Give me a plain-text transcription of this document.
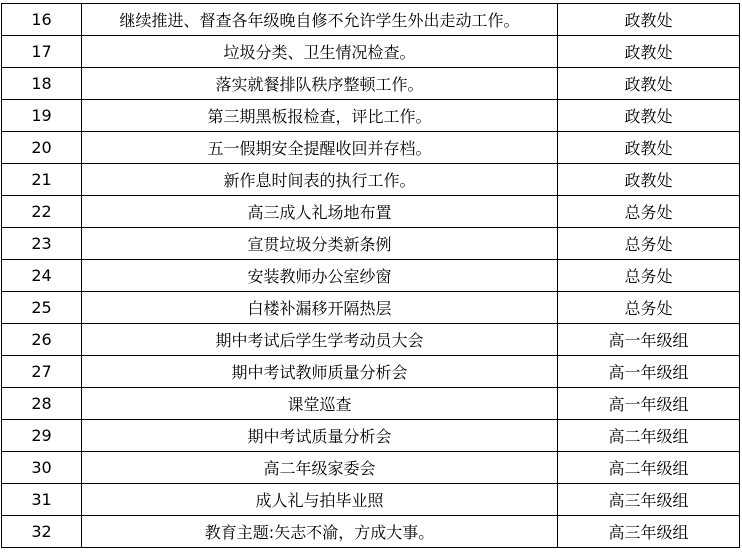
16	继续推进、督查各年级晚自修不允许学生外出走动工作。	政教处
17	垃圾分类、卫生情况检查。	政教处
18	落实就餐排队秩序整顿工作。	政教处
19	第三期黑板报检查，评比工作。	政教处
20	五一假期安全提醒收回并存档。	政教处
21	新作息时间表的执行工作。	政教处
22	高三成人礼场地布置	总务处
23	宣贯垃圾分类新条例	总务处
24	安装教师办公室纱窗	总务处
25	白楼补漏移开隔热层	总务处
26	期中考试后学生学考动员大会	高一年级组
27	期中考试教师质量分析会	高一年级组
28	课堂巡查	高一年级组
29	期中考试质量分析会	高二年级组
30	高二年级家委会	高二年级组
31	成人礼与拍毕业照	高三年级组
32	教育主题:矢志不渝，方成大事。	高三年级组
